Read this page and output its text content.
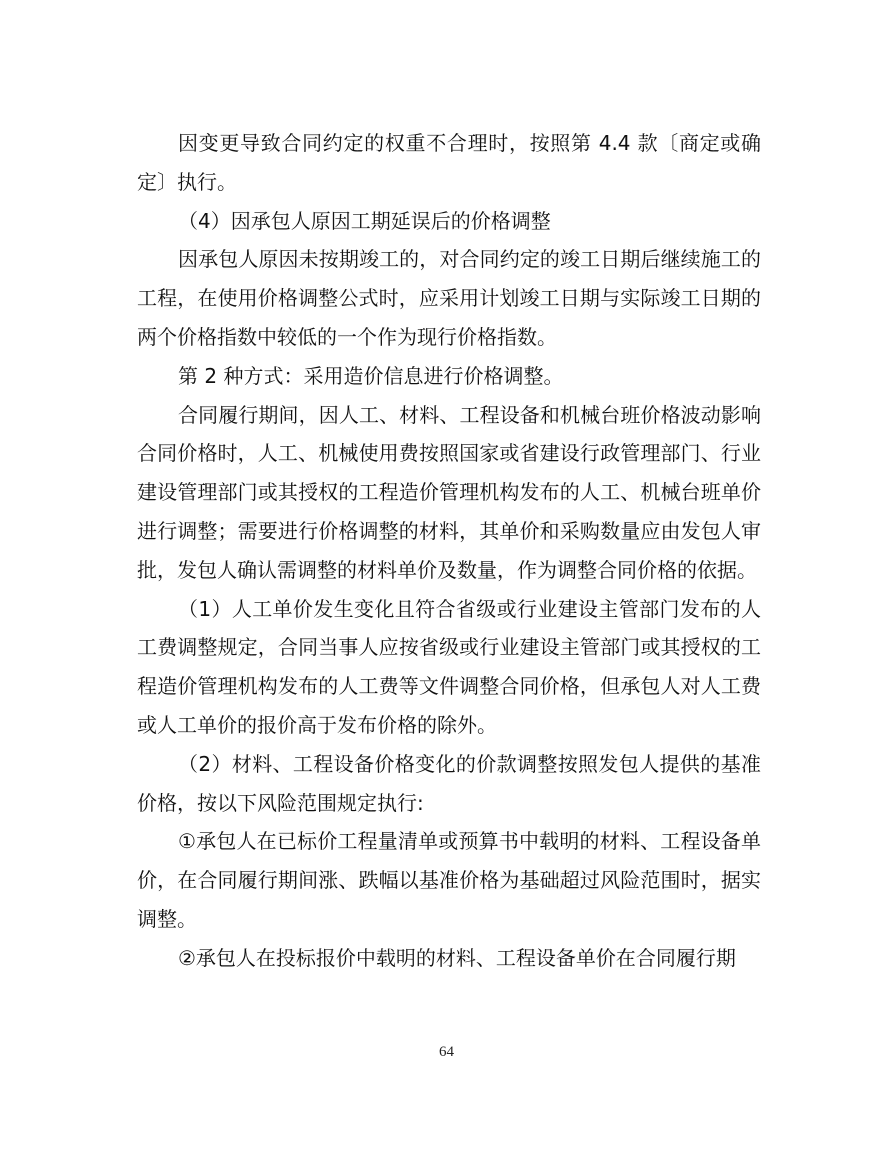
因变更导致合同约定的权重不合理时，按照第 4.4 款〔商定或确定〕执行。

（4）因承包人原因工期延误后的价格调整

因承包人原因未按期竣工的，对合同约定的竣工日期后继续施工的工程，在使用价格调整公式时，应采用计划竣工日期与实际竣工日期的两个价格指数中较低的一个作为现行价格指数。

第 2 种方式：采用造价信息进行价格调整。

合同履行期间，因人工、材料、工程设备和机械台班价格波动影响合同价格时，人工、机械使用费按照国家或省建设行政管理部门、行业建设管理部门或其授权的工程造价管理机构发布的人工、机械台班单价进行调整；需要进行价格调整的材料，其单价和采购数量应由发包人审批，发包人确认需调整的材料单价及数量，作为调整合同价格的依据。

（1）人工单价发生变化且符合省级或行业建设主管部门发布的人工费调整规定，合同当事人应按省级或行业建设主管部门或其授权的工程造价管理机构发布的人工费等文件调整合同价格，但承包人对人工费或人工单价的报价高于发布价格的除外。

（2）材料、工程设备价格变化的价款调整按照发包人提供的基准价格，按以下风险范围规定执行:

①承包人在已标价工程量清单或预算书中载明的材料、工程设备单价，在合同履行期间涨、跌幅以基准价格为基础超过风险范围时，据实调整。

②承包人在投标报价中载明的材料、工程设备单价在合同履行期

64
